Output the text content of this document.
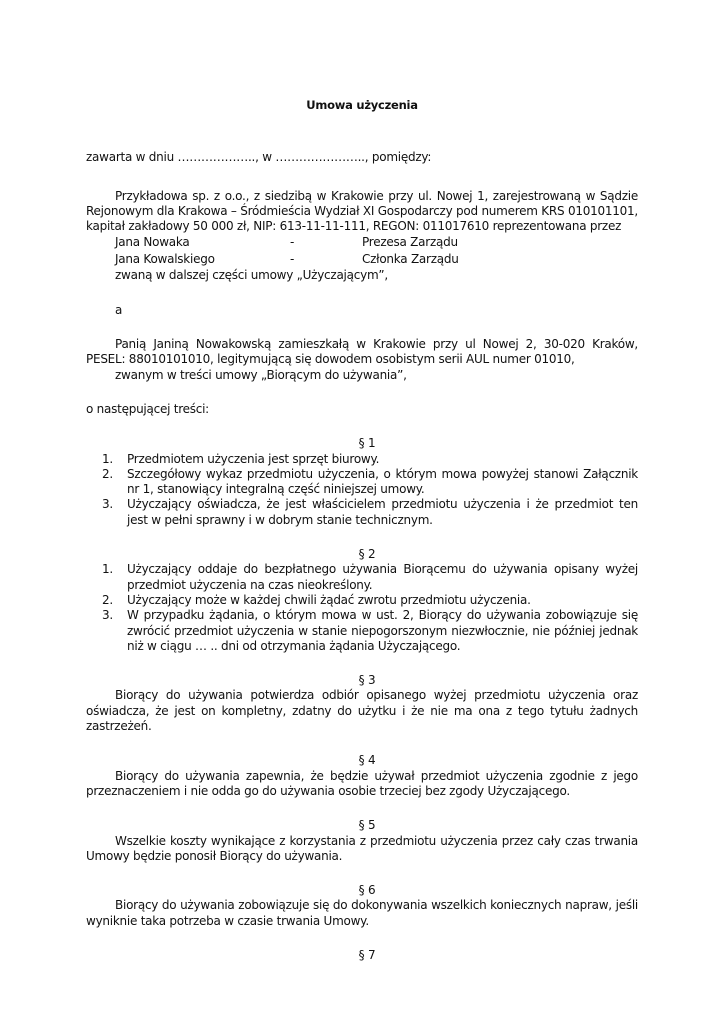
Umowa użyczenia

zawarta w dniu ……………….., w ………………….., pomiędzy:

Przykładowa sp. z o.o., z siedzibą w Krakowie przy ul. Nowej 1, zarejestrowaną w Sądzie Rejonowym dla Krakowa – Śródmieścia Wydział XI Gospodarczy pod numerem KRS 010101101, kapitał zakładowy 50 000 zł, NIP: 613-11-11-111, REGON: 011017610 reprezentowana przez

Jana Nowaka	-	Prezesa Zarządu
Jana Kowalskiego	-	Członka Zarządu

zwaną w dalszej części umowy „Użyczającym”,

a

Panią Janiną Nowakowską zamieszkałą w Krakowie przy ul Nowej 2, 30-020 Kraków, PESEL: 88010101010, legitymującą się dowodem osobistym serii AUL numer 01010,

zwanym w treści umowy „Biorącym do używania”,

o następującej treści:

§ 1

1.	Przedmiotem użyczenia jest sprzęt biurowy.
2.	Szczegółowy wykaz przedmiotu użyczenia, o którym mowa powyżej stanowi Załącznik nr 1, stanowiący integralną część niniejszej umowy.
3.	Użyczający oświadcza, że jest właścicielem przedmiotu użyczenia i że przedmiot ten jest w pełni sprawny i w dobrym stanie technicznym.

§ 2

1.	Użyczający oddaje do bezpłatnego używania Biorącemu do używania opisany wyżej przedmiot użyczenia na czas nieokreślony.
2.	Użyczający może w każdej chwili żądać zwrotu przedmiotu użyczenia.
3.	W przypadku żądania, o którym mowa w ust. 2, Biorący do używania zobowiązuje się zwrócić przedmiot użyczenia w stanie niepogorszonym niezwłocznie, nie później jednak niż w ciągu … .. dni od otrzymania żądania Użyczającego.

§ 3

Biorący do używania potwierdza odbiór opisanego wyżej przedmiotu użyczenia oraz oświadcza, że jest on kompletny, zdatny do użytku i że nie ma ona z tego tytułu żadnych zastrzeżeń.

§ 4

Biorący do używania zapewnia, że będzie używał przedmiot użyczenia zgodnie z jego przeznaczeniem i nie odda go do używania osobie trzeciej bez zgody Użyczającego.

§ 5

Wszelkie koszty wynikające z korzystania z przedmiotu użyczenia przez cały czas trwania Umowy będzie ponosił Biorący do używania.

§ 6

Biorący do używania zobowiązuje się do dokonywania wszelkich koniecznych napraw, jeśli wyniknie taka potrzeba w czasie trwania Umowy.

§ 7
